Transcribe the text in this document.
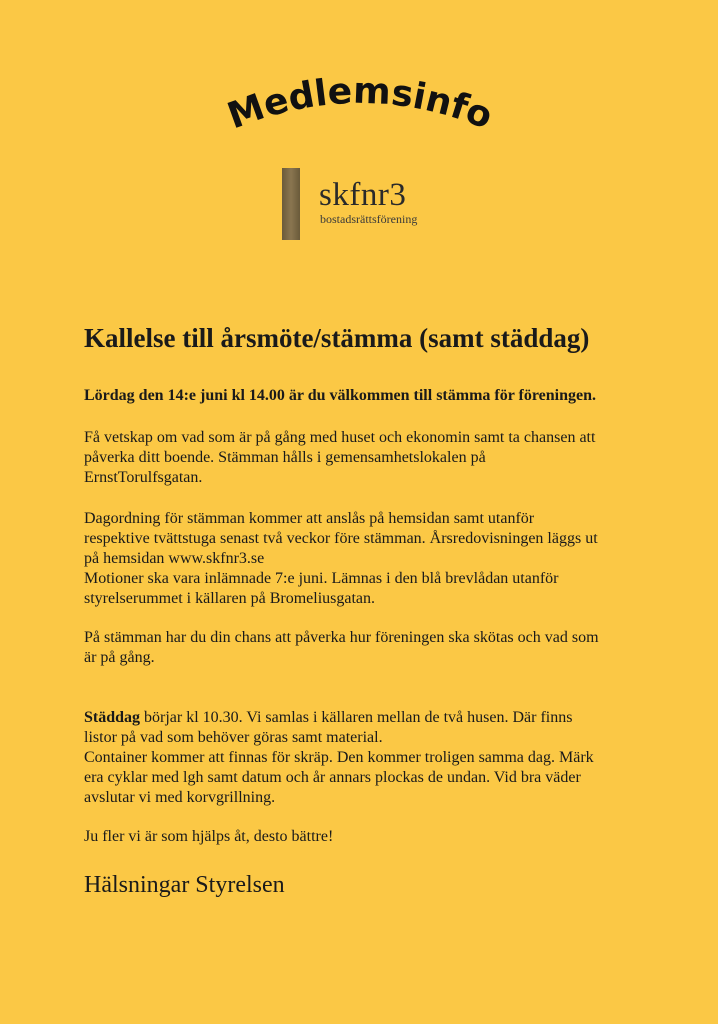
Medlemsinfo
skfnr3
bostadsrättsförening
Kallelse till årsmöte/stämma (samt städdag)

Lördag den 14:e juni kl 14.00 är du välkommen till stämma för föreningen.

Få vetskap om vad som är på gång med huset och ekonomin samt ta chansen att
påverka ditt boende. Stämman hålls i gemensamhetslokalen på
ErnstTorulfsgatan.

Dagordning för stämman kommer att anslås på hemsidan samt utanför
respektive tvättstuga senast två veckor före stämman. Årsredovisningen läggs ut
på hemsidan www.skfnr3.se
Motioner ska vara inlämnade 7:e juni. Lämnas i den blå brevlådan utanför
styrelserummet i källaren på Bromeliusgatan.

På stämman har du din chans att påverka hur föreningen ska skötas och vad som
är på gång.

Städdag börjar kl 10.30. Vi samlas i källaren mellan de två husen. Där finns
listor på vad som behöver göras samt material.
Container kommer att finnas för skräp. Den kommer troligen samma dag. Märk
era cyklar med lgh samt datum och år annars plockas de undan. Vid bra väder
avslutar vi med korvgrillning.

Ju fler vi är som hjälps åt, desto bättre!

Hälsningar Styrelsen
